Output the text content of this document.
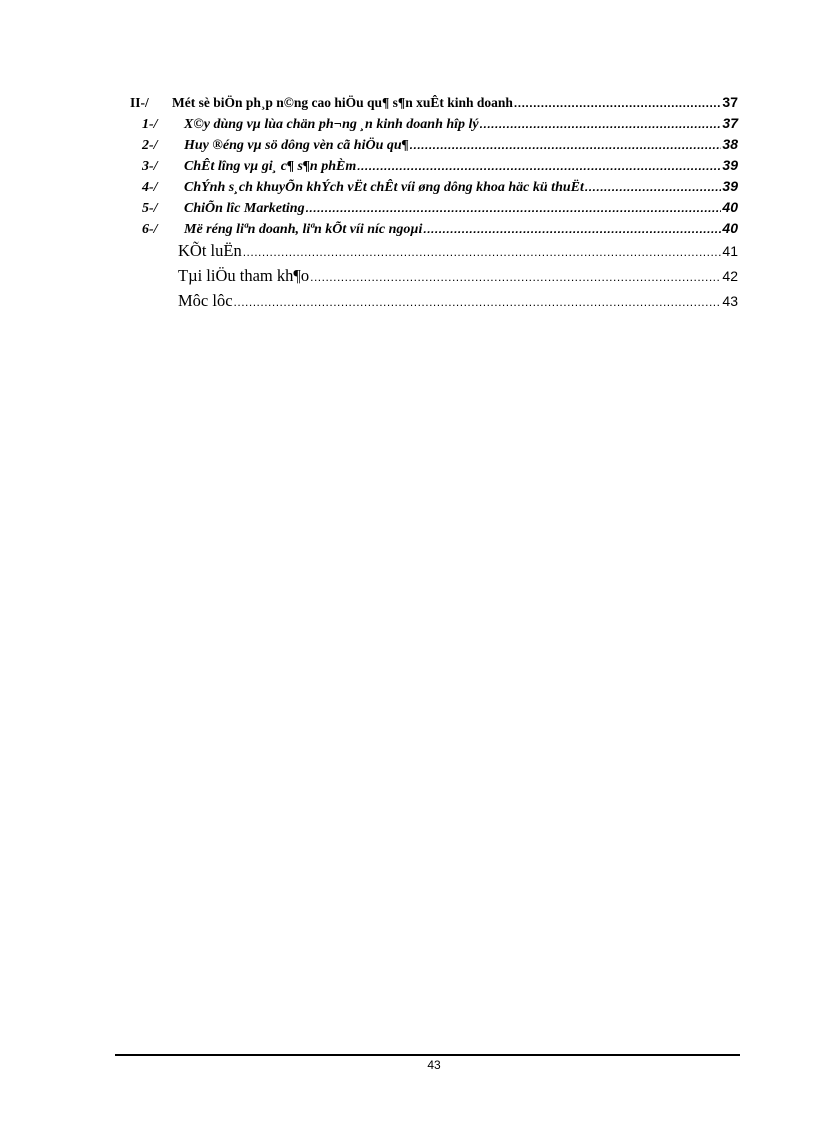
II-/	Mét sè biÖn ph¸p n©ng cao hiÖu qu¶ s¶n xuÊt kinh doanh .....	37
1-/	X©y dùng vµ lùa chän ph¬ng ¸n kinh doanh hîp lý .....	37
2-/	Huy ®éng vµ sö dông vèn cã hiÖu qu¶ .....	38
3-/	ChÊt lîng vµ gi¸ c¶ s¶n phÈm .....	39
4-/	ChÝnh s¸ch khuyÕn khÝch vËt chÊt víi øng dông khoa häc kü thuËt .....	39
5-/	ChiÕn lîc Marketing .....	40
6-/	Më réng liªn doanh, liªn kÕt víi níc ngoµi .....	40
KÕt luËn .....	41
Tµi liÖu tham kh¶o .....	42
Môc lôc .....	43
43
